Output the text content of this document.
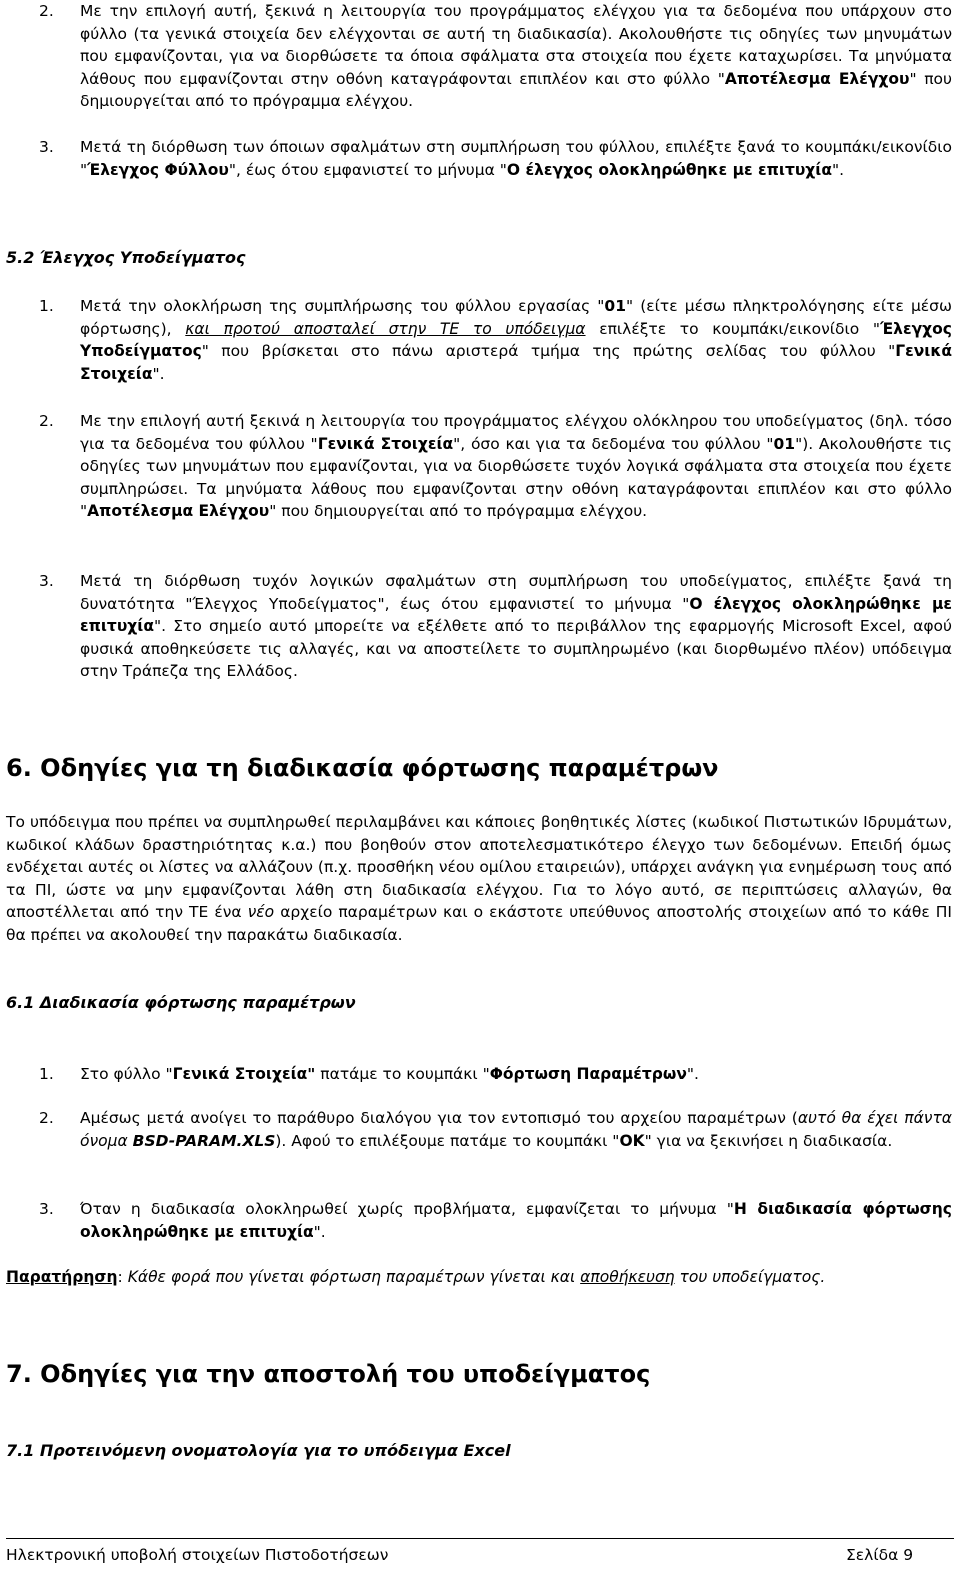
2. Με την επιλογή αυτή, ξεκινά η λειτουργία του προγράμματος ελέγχου για τα δεδομένα που υπάρχουν στο φύλλο (τα γενικά στοιχεία δεν ελέγχονται σε αυτή τη διαδικασία). Ακολουθήστε τις οδηγίες των μηνυμάτων που εμφανίζονται, για να διορθώσετε τα όποια σφάλματα στα στοιχεία που έχετε καταχωρίσει. Τα μηνύματα λάθους που εμφανίζονται στην οθόνη καταγράφονται επιπλέον και στο φύλλο "Αποτέλεσμα Ελέγχου" που δημιουργείται από το πρόγραμμα ελέγχου.
3. Μετά τη διόρθωση των όποιων σφαλμάτων στη συμπλήρωση του φύλλου, επιλέξτε ξανά το κουμπάκι/εικονίδιο "Έλεγχος Φύλλου", έως ότου εμφανιστεί το μήνυμα "Ο έλεγχος ολοκληρώθηκε με επιτυχία".
5.2 Έλεγχος Υποδείγματος
1. Μετά την ολοκλήρωση της συμπλήρωσης του φύλλου εργασίας "01" (είτε μέσω πληκτρολόγησης είτε μέσω φόρτωσης), και προτού αποσταλεί στην ΤΕ το υπόδειγμα επιλέξτε το κουμπάκι/εικονίδιο "Έλεγχος Υποδείγματος" που βρίσκεται στο πάνω αριστερά τμήμα της πρώτης σελίδας του φύλλου "Γενικά Στοιχεία".
2. Με την επιλογή αυτή ξεκινά η λειτουργία του προγράμματος ελέγχου ολόκληρου του υποδείγματος (δηλ. τόσο για τα δεδομένα του φύλλου "Γενικά Στοιχεία", όσο και για τα δεδομένα του φύλλου "01"). Ακολουθήστε τις οδηγίες των μηνυμάτων που εμφανίζονται, για να διορθώσετε τυχόν λογικά σφάλματα στα στοιχεία που έχετε συμπληρώσει. Τα μηνύματα λάθους που εμφανίζονται στην οθόνη καταγράφονται επιπλέον και στο φύλλο "Αποτέλεσμα Ελέγχου" που δημιουργείται από το πρόγραμμα ελέγχου.
3. Μετά τη διόρθωση τυχόν λογικών σφαλμάτων στη συμπλήρωση του υποδείγματος, επιλέξτε ξανά τη δυνατότητα "Έλεγχος Υποδείγματος", έως ότου εμφανιστεί το μήνυμα "Ο έλεγχος ολοκληρώθηκε με επιτυχία". Στο σημείο αυτό μπορείτε να εξέλθετε από το περιβάλλον της εφαρμογής Microsoft Excel, αφού φυσικά αποθηκεύσετε τις αλλαγές, και να αποστείλετε το συμπληρωμένο (και διορθωμένο πλέον) υπόδειγμα στην Τράπεζα της Ελλάδος.
6. Οδηγίες για τη διαδικασία φόρτωσης παραμέτρων
Το υπόδειγμα που πρέπει να συμπληρωθεί περιλαμβάνει και κάποιες βοηθητικές λίστες (κωδικοί Πιστωτικών Ιδρυμάτων, κωδικοί κλάδων δραστηριότητας κ.α.) που βοηθούν στον αποτελεσματικότερο έλεγχο των δεδομένων. Επειδή όμως ενδέχεται αυτές οι λίστες να αλλάζουν (π.χ. προσθήκη νέου ομίλου εταιρειών), υπάρχει ανάγκη για ενημέρωση τους από τα ΠΙ, ώστε να μην εμφανίζονται λάθη στη διαδικασία ελέγχου. Για το λόγο αυτό, σε περιπτώσεις αλλαγών, θα αποστέλλεται από την ΤΕ ένα νέο αρχείο παραμέτρων και ο εκάστοτε υπεύθυνος αποστολής στοιχείων από το κάθε ΠΙ θα πρέπει να ακολουθεί την παρακάτω διαδικασία.
6.1 Διαδικασία φόρτωσης παραμέτρων
1. Στο φύλλο "Γενικά Στοιχεία" πατάμε το κουμπάκι "Φόρτωση Παραμέτρων".
2. Αμέσως μετά ανοίγει το παράθυρο διαλόγου για τον εντοπισμό του αρχείου παραμέτρων (αυτό θα έχει πάντα όνομα BSD-PARAM.XLS). Αφού το επιλέξουμε πατάμε το κουμπάκι "ΟΚ" για να ξεκινήσει η διαδικασία.
3. Όταν η διαδικασία ολοκληρωθεί χωρίς προβλήματα, εμφανίζεται το μήνυμα "Η διαδικασία φόρτωσης ολοκληρώθηκε με επιτυχία".
Παρατήρηση: Κάθε φορά που γίνεται φόρτωση παραμέτρων γίνεται και αποθήκευση του υποδείγματος.
7. Οδηγίες για την αποστολή του υποδείγματος
7.1 Προτεινόμενη ονοματολογία για το υπόδειγμα Excel
Ηλεκτρονική υποβολή στοιχείων Πιστοδοτήσεων	Σελίδα 9
